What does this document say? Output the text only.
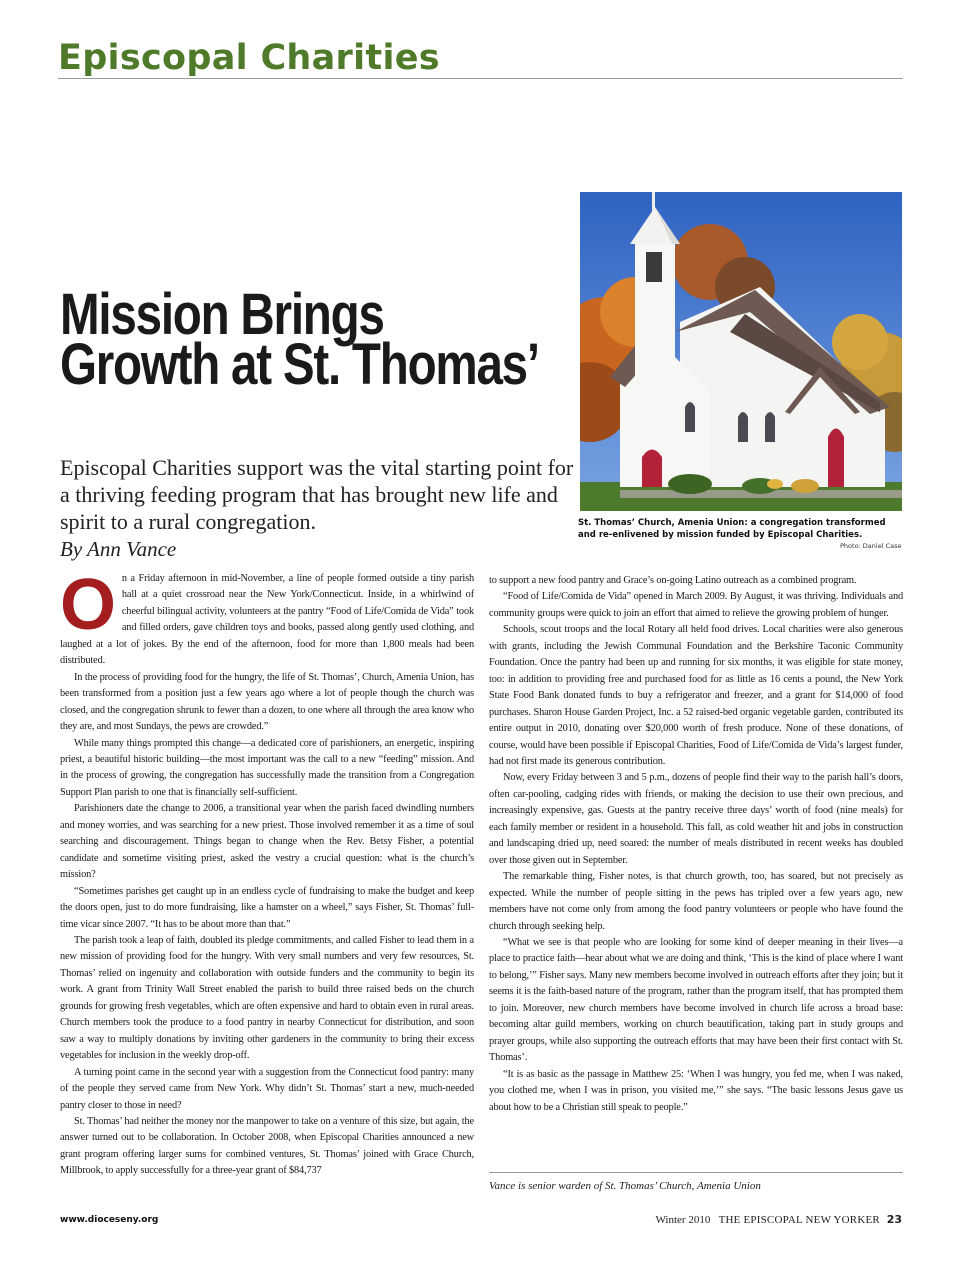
Episcopal Charities
Mission Brings
Growth at St. Thomas’
Episcopal Charities support was the vital starting point for a thriving feeding program that has brought new life and spirit to a rural congregation.
By Ann Vance
St. Thomas’ Church, Amenia Union: a congregation transformed and re-enlivened by mission funded by Episcopal Charities.
Photo: Daniel Case

On a Friday afternoon in mid-November, a line of people formed outside a tiny parish hall at a quiet crossroad near the New York/Connecticut. Inside, in a whirlwind of cheerful bilingual activity, volunteers at the pantry “Food of Life/Comida de Vida” took and filled orders, gave children toys and books, passed along gently used clothing, and laughed at a lot of jokes. By the end of the afternoon, food for more than 1,800 meals had been distributed.

In the process of providing food for the hungry, the life of St. Thomas’, Church, Amenia Union, has been transformed from a position just a few years ago where a lot of people though the church was closed, and the congregation shrunk to fewer than a dozen, to one where all through the area know who they are, and most Sundays, the pews are crowded.”

While many things prompted this change—a dedicated core of parishioners, an energetic, inspiring priest, a beautiful historic building—the most important was the call to a new “feeding” mission. And in the process of growing, the congregation has successfully made the transition from a Congregation Support Plan parish to one that is financially self-sufficient.

Parishioners date the change to 2006, a transitional year when the parish faced dwindling numbers and money worries, and was searching for a new priest. Those involved remember it as a time of soul searching and discouragement. Things began to change when the Rev. Betsy Fisher, a potential candidate and sometime visiting priest, asked the vestry a crucial question: what is the church’s mission?

“Sometimes parishes get caught up in an endless cycle of fundraising to make the budget and keep the doors open, just to do more fundraising, like a hamster on a wheel,” says Fisher, St. Thomas’ full-time vicar since 2007. “It has to be about more than that.”

The parish took a leap of faith, doubled its pledge commitments, and called Fisher to lead them in a new mission of providing food for the hungry. With very small numbers and very few resources, St. Thomas’ relied on ingenuity and collaboration with outside funders and the community to begin its work. A grant from Trinity Wall Street enabled the parish to build three raised beds on the church grounds for growing fresh vegetables, which are often expensive and hard to obtain even in rural areas. Church members took the produce to a food pantry in nearby Connecticut for distribution, and soon saw a way to multiply donations by inviting other gardeners in the community to bring their excess vegetables for inclusion in the weekly drop-off.

A turning point came in the second year with a suggestion from the Connecticut food pantry: many of the people they served came from New York. Why didn’t St. Thomas’ start a new, much-needed pantry closer to those in need?

St. Thomas’ had neither the money nor the manpower to take on a venture of this size, but again, the answer turned out to be collaboration. In October 2008, when Episcopal Charities announced a new grant program offering larger sums for combined ventures, St. Thomas’ joined with Grace Church, Millbrook, to apply successfully for a three-year grant of $84,737

to support a new food pantry and Grace’s on-going Latino outreach as a combined program.

“Food of Life/Comida de Vida” opened in March 2009. By August, it was thriving. Individuals and community groups were quick to join an effort that aimed to relieve the growing problem of hunger.

Schools, scout troops and the local Rotary all held food drives. Local charities were also generous with grants, including the Jewish Communal Foundation and the Berkshire Taconic Community Foundation. Once the pantry had been up and running for six months, it was eligible for state money, too: in addition to providing free and purchased food for as little as 16 cents a pound, the New York State Food Bank donated funds to buy a refrigerator and freezer, and a grant for $14,000 of food purchases. Sharon House Garden Project, Inc. a 52 raised-bed organic vegetable garden, contributed its entire output in 2010, donating over $20,000 worth of fresh produce. None of these donations, of course, would have been possible if Episcopal Charities, Food of Life/Comida de Vida’s largest funder, had not first made its generous contribution.

Now, every Friday between 3 and 5 p.m., dozens of people find their way to the parish hall’s doors, often car-pooling, cadging rides with friends, or making the decision to use their own precious, and increasingly expensive, gas. Guests at the pantry receive three days’ worth of food (nine meals) for each family member or resident in a household. This fall, as cold weather hit and jobs in construction and landscaping dried up, need soared: the number of meals distributed in recent weeks has doubled over those given out in September.

The remarkable thing, Fisher notes, is that church growth, too, has soared, but not precisely as expected. While the number of people sitting in the pews has tripled over a few years ago, new members have not come only from among the food pantry volunteers or people who have found the church through seeking help.

“What we see is that people who are looking for some kind of deeper meaning in their lives—a place to practice faith—hear about what we are doing and think, ‘This is the kind of place where I want to belong,’” Fisher says. Many new members become involved in outreach efforts after they join; but it seems it is the faith-based nature of the program, rather than the program itself, that has prompted them to join. Moreover, new church members have become involved in church life across a broad base: becoming altar guild members, working on church beautification, taking part in study groups and prayer groups, while also supporting the outreach efforts that may have been their first contact with St. Thomas’.

“It is as basic as the passage in Matthew 25: ‘When I was hungry, you fed me, when I was naked, you clothed me, when I was in prison, you visited me,’” she says. “The basic lessons Jesus gave us about how to be a Christian still speak to people.”

Vance is senior warden of St. Thomas’ Church, Amenia Union
www.dioceseny.org	Winter 2010 THE EPISCOPAL NEW YORKER 23
